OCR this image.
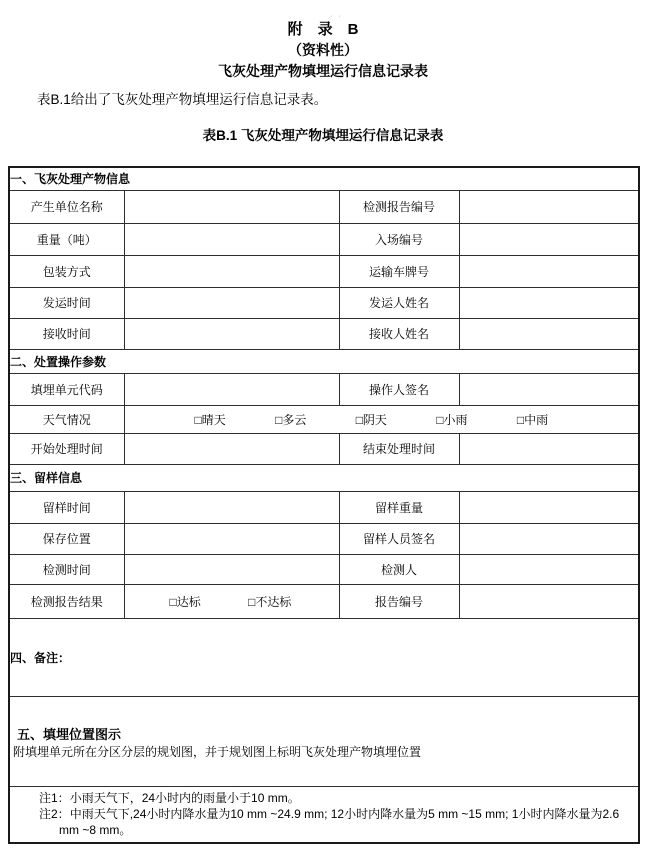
··
附　录　B
（资料性）
飞灰处理产物填埋运行信息记录表
表B.1给出了飞灰处理产物填埋运行信息记录表。
表B.1 飞灰处理产物填埋运行信息记录表
一、飞灰处理产物信息			
产生单位名称		检测报告编号	
重量（吨）		入场编号	
包装方式		运输车牌号	
发运时间		发运人姓名	
接收时间		接收人姓名	
二、处置操作参数			
填埋单元代码		操作人签名	
天气情况	□晴天 □多云 □阴天 □小雨 □中雨		
开始处理时间		结束处理时间	
三、留样信息			
留样时间		留样重量	
保存位置		留样人员签名	
检测时间		检测人	
检测报告结果	□达标 □不达标	报告编号	
四、备注：			

五、填埋位置图示
附填埋单元所在分区分层的规划图，并于规划图上标明飞灰处理产物填埋位置			

注1：小雨天气下，24小时内的雨量小于10 mm。
注2：中雨天气下,24小时内降水量为10 mm ~24.9 mm; 12小时内降水量为5 mm ~15 mm; 1小时内降水量为2.6 mm ~8 mm。			
